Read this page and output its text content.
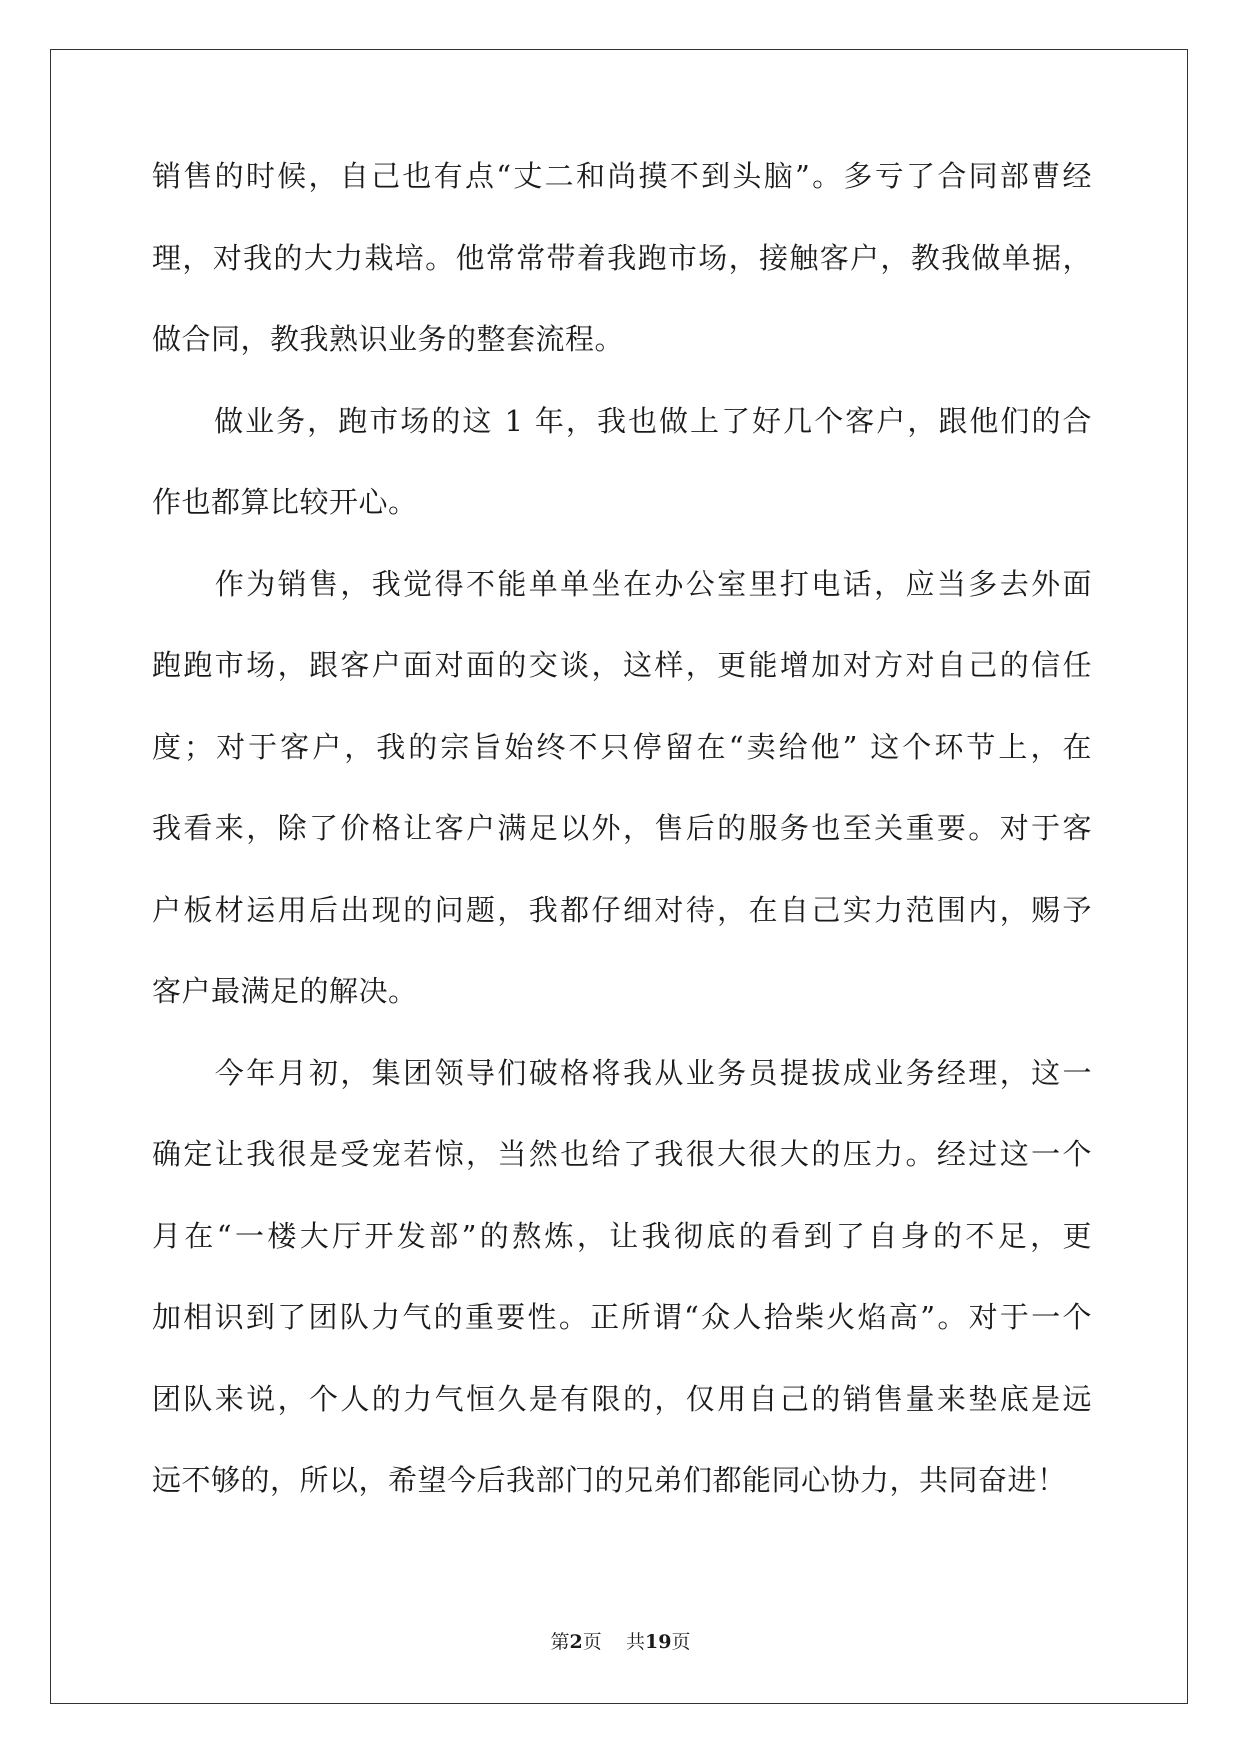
销售的时候，自己也有点“丈二和尚摸不到头脑”。多亏了合同部曹经
理，对我的大力栽培。他常常带着我跑市场，接触客户，教我做单据，
做合同，教我熟识业务的整套流程。
　　做业务，跑市场的这 1 年，我也做上了好几个客户，跟他们的合
作也都算比较开心。
　　作为销售，我觉得不能单单坐在办公室里打电话，应当多去外面
跑跑市场，跟客户面对面的交谈，这样，更能增加对方对自己的信任
度；对于客户，我的宗旨始终不只停留在“卖给他” 这个环节上，在
我看来，除了价格让客户满足以外，售后的服务也至关重要。对于客
户板材运用后出现的问题，我都仔细对待，在自己实力范围内，赐予
客户最满足的解决。
　　今年月初，集团领导们破格将我从业务员提拔成业务经理，这一
确定让我很是受宠若惊，当然也给了我很大很大的压力。经过这一个
月在“一楼大厅开发部”的熬炼，让我彻底的看到了自身的不足，更
加相识到了团队力气的重要性。正所谓“众人拾柴火焰高”。对于一个
团队来说，个人的力气恒久是有限的，仅用自己的销售量来垫底是远
远不够的，所以，希望今后我部门的兄弟们都能同心协力，共同奋进！
第2页 共19页
